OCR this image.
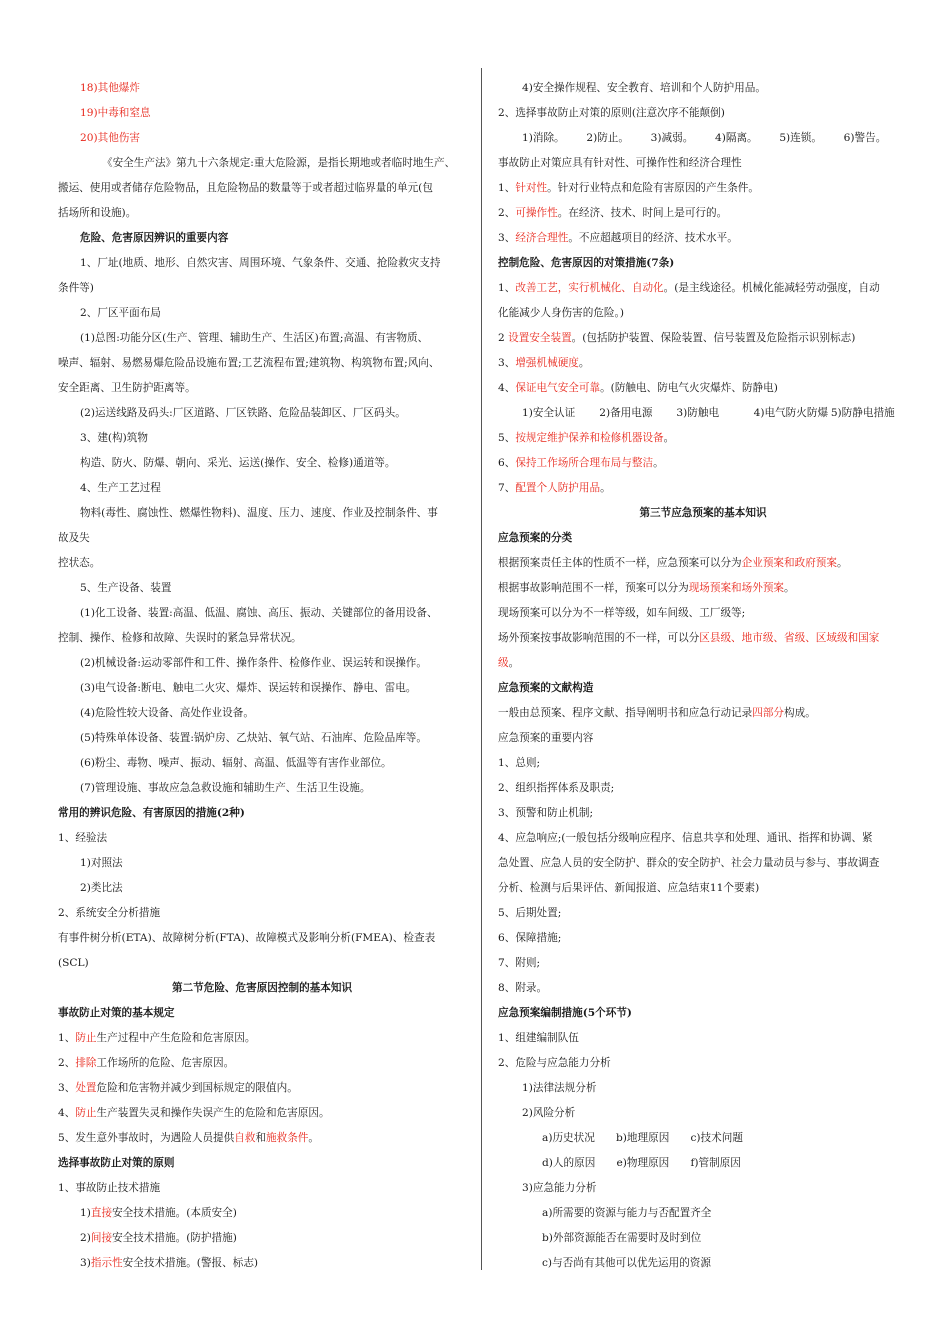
18)其他爆炸
19)中毒和窒息
20)其他伤害
《安全生产法》第九十六条规定:重大危险源，是指长期地或者临时地生产、
搬运、使用或者储存危险物品，且危险物品的数量等于或者超过临界量的单元(包
括场所和设施)。
危险、危害原因辨识的重要内容
1、厂址(地质、地形、自然灾害、周围环境、气象条件、交通、抢险救灾支持
条件等)
2、厂区平面布局
(1)总图:功能分区(生产、管理、辅助生产、生活区)布置;高温、有害物质、
噪声、辐射、易燃易爆危险品设施布置;工艺流程布置;建筑物、构筑物布置;风向、
安全距离、卫生防护距离等。
(2)运送线路及码头:厂区道路、厂区铁路、危险品装卸区、厂区码头。
3、建(构)筑物
构造、防火、防爆、朝向、采光、运送(操作、安全、检修)通道等。
4、生产工艺过程
物料(毒性、腐蚀性、燃爆性物料)、温度、压力、速度、作业及控制条件、事
故及失
控状态。
5、生产设备、装置
(1)化工设备、装置:高温、低温、腐蚀、高压、振动、关键部位的备用设备、
控制、操作、检修和故障、失误时的紧急异常状况。
(2)机械设备:运动零部件和工件、操作条件、检修作业、误运转和误操作。
(3)电气设备:断电、触电二火灾、爆炸、误运转和误操作、静电、雷电。
(4)危险性较大设备、高处作业设备。
(5)特殊单体设备、装置:锅炉房、乙炔站、氧气站、石油库、危险品库等。
(6)粉尘、毒物、噪声、振动、辐射、高温、低温等有害作业部位。
(7)管理设施、事故应急急救设施和辅助生产、生活卫生设施。
常用的辨识危险、有害原因的措施(2种)
1、经验法
1)对照法
2)类比法
2、系统安全分析措施
有事件树分析(ETA)、故障树分析(FTA)、故障模式及影响分析(FMEA)、检查表
(SCL)
第二节危险、危害原因控制的基本知识
事故防止对策的基本规定
1、防止生产过程中产生危险和危害原因。
2、排除工作场所的危险、危害原因。
3、处置危险和危害物并减少到国标规定的限值内。
4、防止生产装置失灵和操作失误产生的危险和危害原因。
5、发生意外事故时，为遇险人员提供自救和施救条件。
选择事故防止对策的原则
1、事故防止技术措施
1)直接安全技术措施。(本质安全)
2)间接安全技术措施。(防护措施)
3)指示性安全技术措施。(警报、标志)
4)安全操作规程、安全教育、培训和个人防护用品。
2、选择事故防止对策的原则(注意次序不能颠倒)
1)消除。	2)防止。	3)减弱。	4)隔离。	5)连锁。	6)警告。
事故防止对策应具有针对性、可操作性和经济合理性
1、针对性。针对行业特点和危险有害原因的产生条件。
2、可操作性。在经济、技术、时间上是可行的。
3、经济合理性。不应超越项目的经济、技术水平。
控制危险、危害原因的对策措施(7条)
1、改善工艺，实行机械化、自动化。(是主线途径。机械化能减轻劳动强度，自动
化能减少人身伤害的危险。)
2 设置安全装置。(包括防护装置、保险装置、信号装置及危险指示识别标志)
3、增强机械硬度。
4、保证电气安全可靠。(防触电、防电气火灾爆炸、防静电)
1)安全认证	2)备用电源	3)防触电	4)电气防火防爆 5)防静电措施
5、按规定维护保养和检修机器设备。
6、保持工作场所合理布局与整洁。
7、配置个人防护用品。
第三节应急预案的基本知识
应急预案的分类
根据预案责任主体的性质不一样，应急预案可以分为企业预案和政府预案。
根据事故影响范围不一样，预案可以分为现场预案和场外预案。
现场预案可以分为不一样等级，如车间级、工厂级等;
场外预案按事故影响范围的不一样，可以分区县级、地市级、省级、区域级和国家
级。
应急预案的文献构造
一般由总预案、程序文献、指导阐明书和应急行动记录四部分构成。
应急预案的重要内容
1、总则;
2、组织指挥体系及职责;
3、预警和防止机制;
4、应急响应;(一般包括分级响应程序、信息共享和处理、通讯、指挥和协调、紧
急处置、应急人员的安全防护、群众的安全防护、社会力量动员与参与、事故调查
分析、检测与后果评估、新闻报道、应急结束11个要素)
5、后期处置;
6、保障措施;
7、附则;
8、附录。
应急预案编制措施(5个环节)
1、组建编制队伍
2、危险与应急能力分析
1)法律法规分析
2)风险分析
a)历史状况　　b)地理原因　　c)技术问题
d)人的原因　　e)物理原因　　f)管制原因
3)应急能力分析
a)所需要的资源与能力与否配置齐全
b)外部资源能否在需要时及时到位
c)与否尚有其他可以优先运用的资源
